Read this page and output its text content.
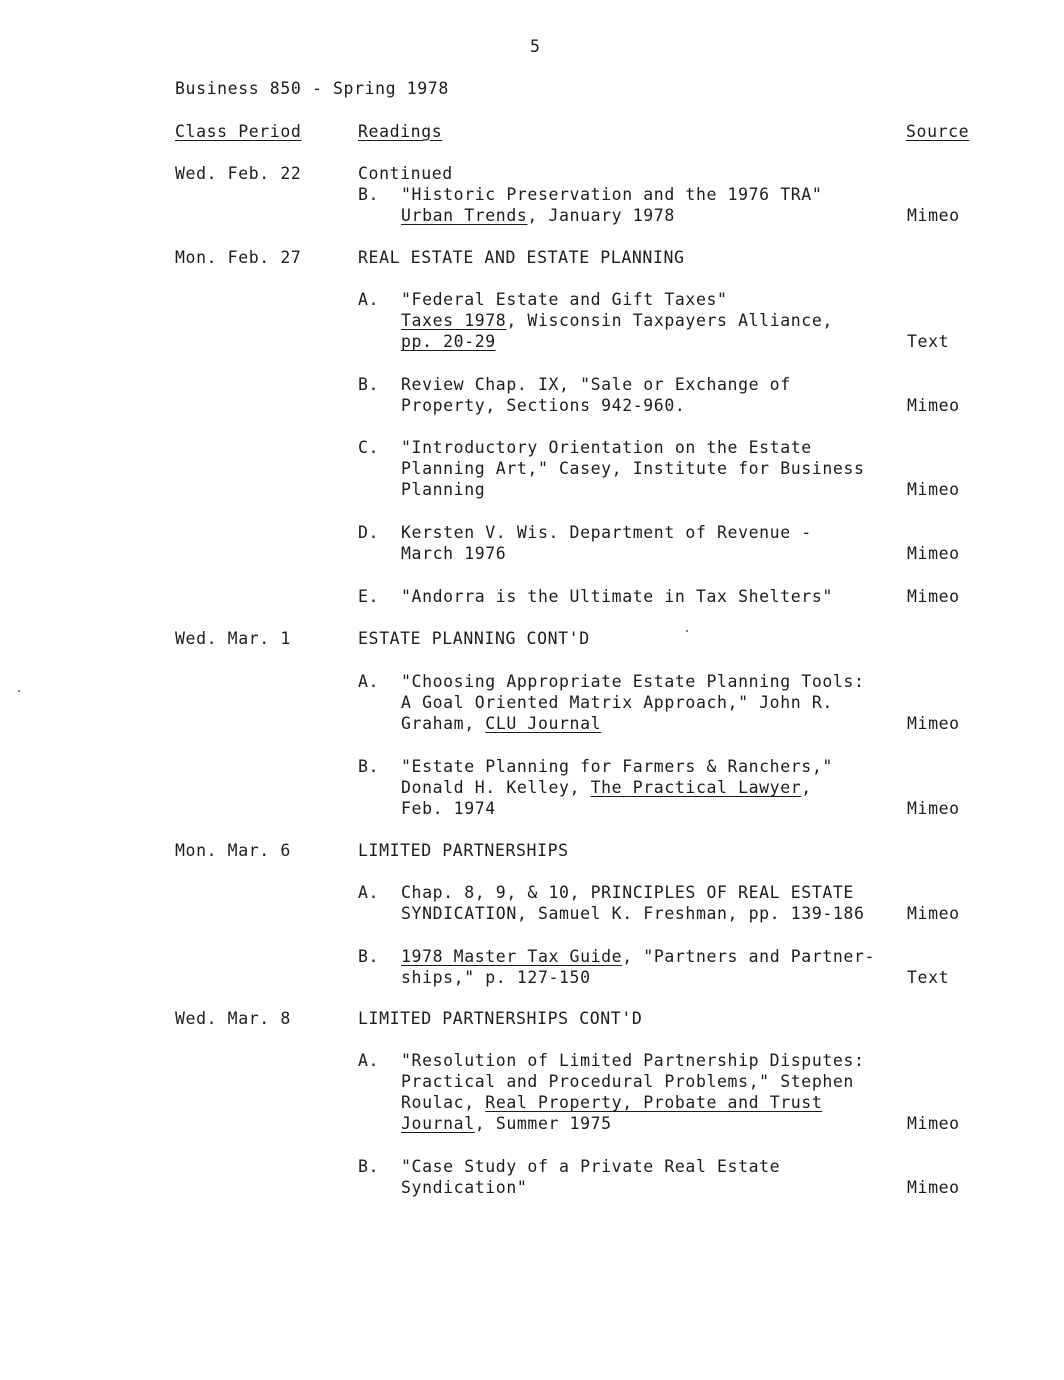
5
Business 850 - Spring 1978
Class Period	Readings	Source
Wed. Feb. 22	Continued
B. "Historic Preservation and the 1976 TRA"
Urban Trends, January 1978	Mimeo
Mon. Feb. 27	REAL ESTATE AND ESTATE PLANNING
A. "Federal Estate and Gift Taxes"
Taxes 1978, Wisconsin Taxpayers Alliance,
pp. 20-29	Text
B. Review Chap. IX, "Sale or Exchange of
Property, Sections 942-960.	Mimeo
C. "Introductory Orientation on the Estate
Planning Art," Casey, Institute for Business
Planning	Mimeo
D. Kersten V. Wis. Department of Revenue -
March 1976	Mimeo
E. "Andorra is the Ultimate in Tax Shelters"	Mimeo
Wed. Mar. 1	ESTATE PLANNING CONT'D
A. "Choosing Appropriate Estate Planning Tools:
A Goal Oriented Matrix Approach," John R.
Graham, CLU Journal	Mimeo
B. "Estate Planning for Farmers & Ranchers,"
Donald H. Kelley, The Practical Lawyer,
Feb. 1974	Mimeo
Mon. Mar. 6	LIMITED PARTNERSHIPS
A. Chap. 8, 9, & 10, PRINCIPLES OF REAL ESTATE
SYNDICATION, Samuel K. Freshman, pp. 139-186	Mimeo
B. 1978 Master Tax Guide, "Partners and Partner-
ships," p. 127-150	Text
Wed. Mar. 8	LIMITED PARTNERSHIPS CONT'D
A. "Resolution of Limited Partnership Disputes:
Practical and Procedural Problems," Stephen
Roulac, Real Property, Probate and Trust
Journal, Summer 1975	Mimeo
B. "Case Study of a Private Real Estate
Syndication"	Mimeo
